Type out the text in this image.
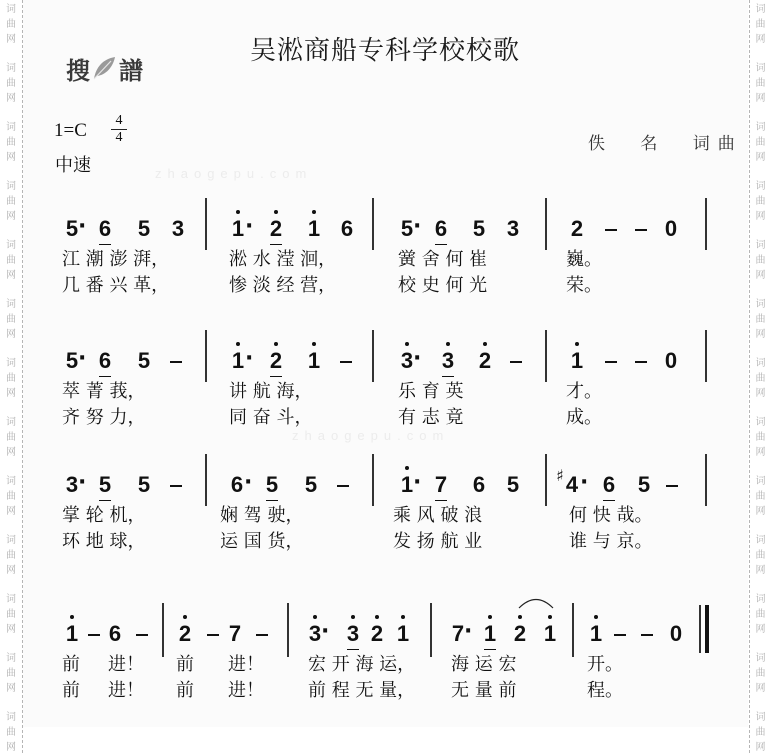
词
曲
网
词
曲
网
词
曲
网
词
曲
网
词
曲
网
词
曲
网
词
曲
网
词
曲
网
词
曲
网
词
曲
网
词
曲
网
词
曲
网
词
曲
网
词
曲
网
词
曲
网
词
曲
网
词
曲
网
词
曲
网
词
曲
网
词
曲
网
词
曲
网
词
曲
网
词
曲
网
词
曲
网
词
曲
网
词
曲
网
zhaogepu.com
zhaogepu.com
搜 譜
吴淞商船专科学校校歌
1=C	4
4
中速
佚 名 词曲
5 6 5 3 1 2 1 6 5 6 5 3 2	0
·	·	·
江 潮 澎 湃，	淞 水 滢 洄，	黉 舍 何 崔	巍。
几 番 兴 革，	惨 淡 经 营，	校 史 何 光	荣。
5 6 5	1 2 1	3 3 2	1	0
·	·	·
萃 菁 莪，	讲 航 海，	乐 育 英	才。
齐 努 力，	同 奋 斗，	有 志 竟	成。
3 5 5	6 5 5	1 7 6 5 4 6 5
·	·	·	·
♯
掌 轮 机，	娴 驾 驶，	乘 风 破 浪	何 快 哉。
环 地 球，	运 国 货，	发 扬 航 业	谁 与 京。
1 6	2 7	3 3 2 1 7 1 2 1 1	0
·	·
前 进！ 前 进！ 宏 开 海 运， 海 运 宏	开。
前 进！ 前 进！ 前 程 无 量， 无 量 前	程。
